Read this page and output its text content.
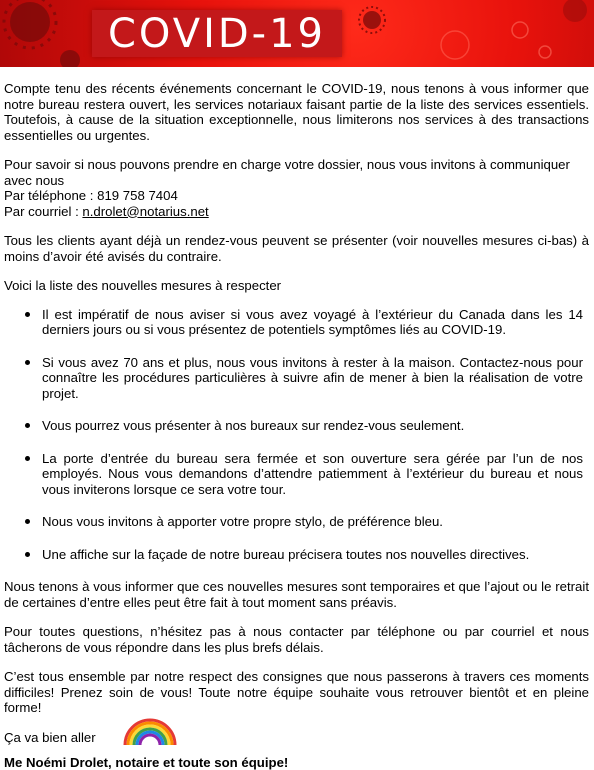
COVID-19

Compte tenu des récents événements concernant le COVID-19, nous tenons à vous informer que notre bureau restera ouvert, les services notariaux faisant partie de la liste des services essentiels. Toutefois, à cause de la situation exceptionnelle, nous limiterons nos services à des transactions essentielles ou urgentes.

Pour savoir si nous pouvons prendre en charge votre dossier, nous vous invitons à communiquer avec nous

Par téléphone : 819 758 7404

Par courriel : n.drolet@notarius.net

Tous les clients ayant déjà un rendez-vous peuvent se présenter (voir nouvelles mesures ci-bas) à moins d’avoir été avisés du contraire.

Voici la liste des nouvelles mesures à respecter

Il est impératif de nous aviser si vous avez voyagé à l’extérieur du Canada dans les 14 derniers jours ou si vous présentez de potentiels symptômes liés au COVID-19.
Si vous avez 70 ans et plus, nous vous invitons à rester à la maison. Contactez-nous pour connaître les procédures particulières à suivre afin de mener à bien la réalisation de votre projet.
Vous pourrez vous présenter à nos bureaux sur rendez-vous seulement.
La porte d’entrée du bureau sera fermée et son ouverture sera gérée par l’un de nos employés. Nous vous demandons d’attendre patiemment à l’extérieur du bureau et nous vous inviterons lorsque ce sera votre tour.
Nous vous invitons à apporter votre propre stylo, de préférence bleu.
Une affiche sur la façade de notre bureau précisera toutes nos nouvelles directives.

Nous tenons à vous informer que ces nouvelles mesures sont temporaires et que l’ajout ou le retrait de certaines d’entre elles peut être fait à tout moment sans préavis.

Pour toutes questions, n’hésitez pas à nous contacter par téléphone ou par courriel et nous tâcherons de vous répondre dans les plus brefs délais.

C’est tous ensemble par notre respect des consignes que nous passerons à travers ces moments difficiles! Prenez soin de vous! Toute notre équipe souhaite vous retrouver bientôt et en pleine forme!

Ça va bien aller

Me Noémi Drolet, notaire et toute son équipe!
